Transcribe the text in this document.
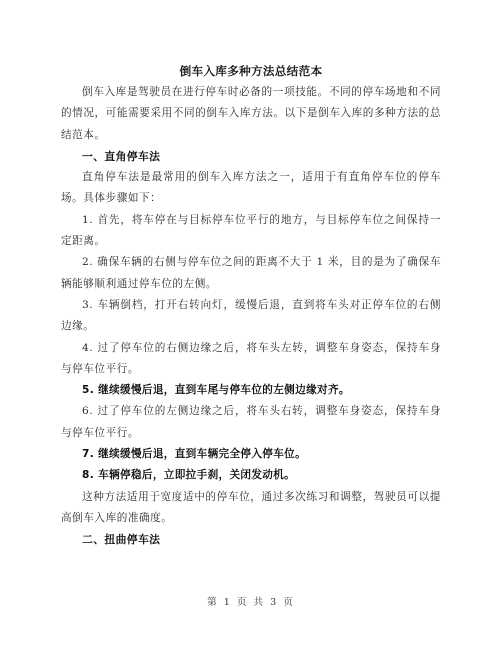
倒车入库多种方法总结范本

倒车入库是驾驶员在进行停车时必备的一项技能。不同的停车场地和不同的情况，可能需要采用不同的倒车入库方法。以下是倒车入库的多种方法的总结范本。

一、直角停车法

直角停车法是最常用的倒车入库方法之一，适用于有直角停车位的停车场。具体步骤如下：

1. 首先，将车停在与目标停车位平行的地方，与目标停车位之间保持一定距离。

2. 确保车辆的右侧与停车位之间的距离不大于 1 米，目的是为了确保车辆能够顺利通过停车位的左侧。

3. 车辆倒档，打开右转向灯，缓慢后退，直到将车头对正停车位的右侧边缘。

4. 过了停车位的右侧边缘之后，将车头左转，调整车身姿态，保持车身与停车位平行。

5. 继续缓慢后退，直到车尾与停车位的左侧边缘对齐。

6. 过了停车位的左侧边缘之后，将车头右转，调整车身姿态，保持车身与停车位平行。

7. 继续缓慢后退，直到车辆完全停入停车位。

8. 车辆停稳后，立即拉手刹，关闭发动机。

这种方法适用于宽度适中的停车位，通过多次练习和调整，驾驶员可以提高倒车入库的准确度。

二、扭曲停车法

第 1 页 共 3 页
